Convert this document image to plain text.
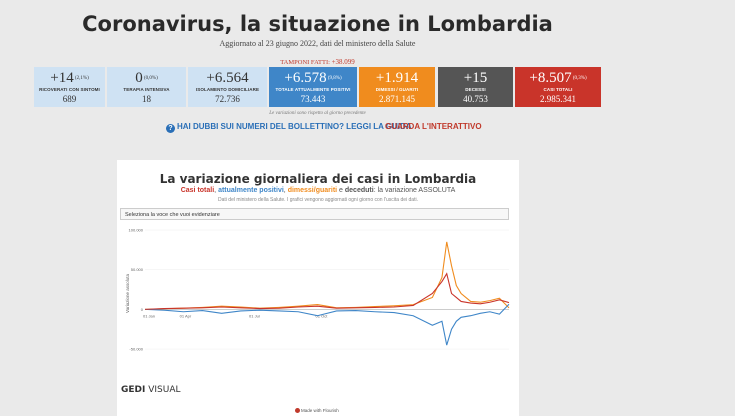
Coronavirus, la situazione in Lombardia
Aggiornato al 23 giugno 2022, dati del ministero della Salute
TAMPONI FATTI: +38.099
+14 (2,1%)
RICOVERATI CON SINTOMI
689
0 (0,0%)
TERAPIA INTENSIVA
18
+6.564
ISOLAMENTO DOMICILIARE
72.736
+6.578 (9,8%)
TOTALE ATTUALMENTE POSITIVI
73.443
+1.914
DIMESSI / GUARITI
2.871.145
+15
DECESSI
40.753
+8.507 (0,3%)
CASI TOTALI
2.985.341
Le variazioni sono rispetto al giorno precedente
? HAI DUBBI SUI NUMERI DEL BOLLETTINO? LEGGI LA GUIDA
GUARDA L'INTERATTIVO
La variazione giornaliera dei casi in Lombardia
Casi totali, attualmente positivi, dimessi/guariti e deceduti: la variazione ASSOLUTA
Dati del ministero della Salute. I grafici vengono aggiornati ogni giorno con l'uscita dei dati.
Seleziona la voce che vuoi evidenziare
100.000
50.000
0
-50.000
Variazione assoluta
01 Jan	01 Apr	01 Jul	01 Oct
GEDI VISUAL
Made with Flourish
